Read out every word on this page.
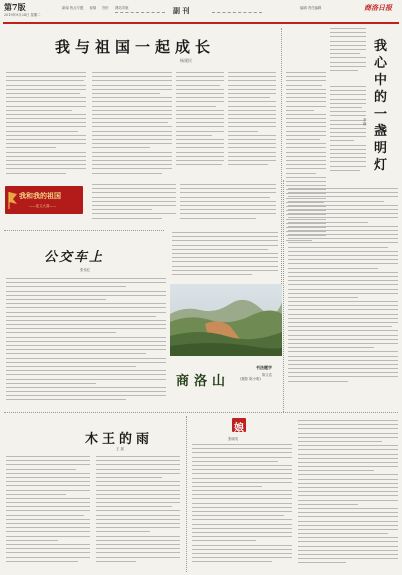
第7版
2019年9月24日 星期二
新闻 热点专题 视频 图片 网站导航	副 刊	编辑 责任编辑	商洛日报
我与祖国一起成长
杨建民
我心中的一盏明灯
李 娜
我和我的祖国
——征文大赛——
公交车上
张伟红
商洛山	(摄影 陈小明)
书法题字
陈文武
木王的雨
王 斌
娘
张晓英
